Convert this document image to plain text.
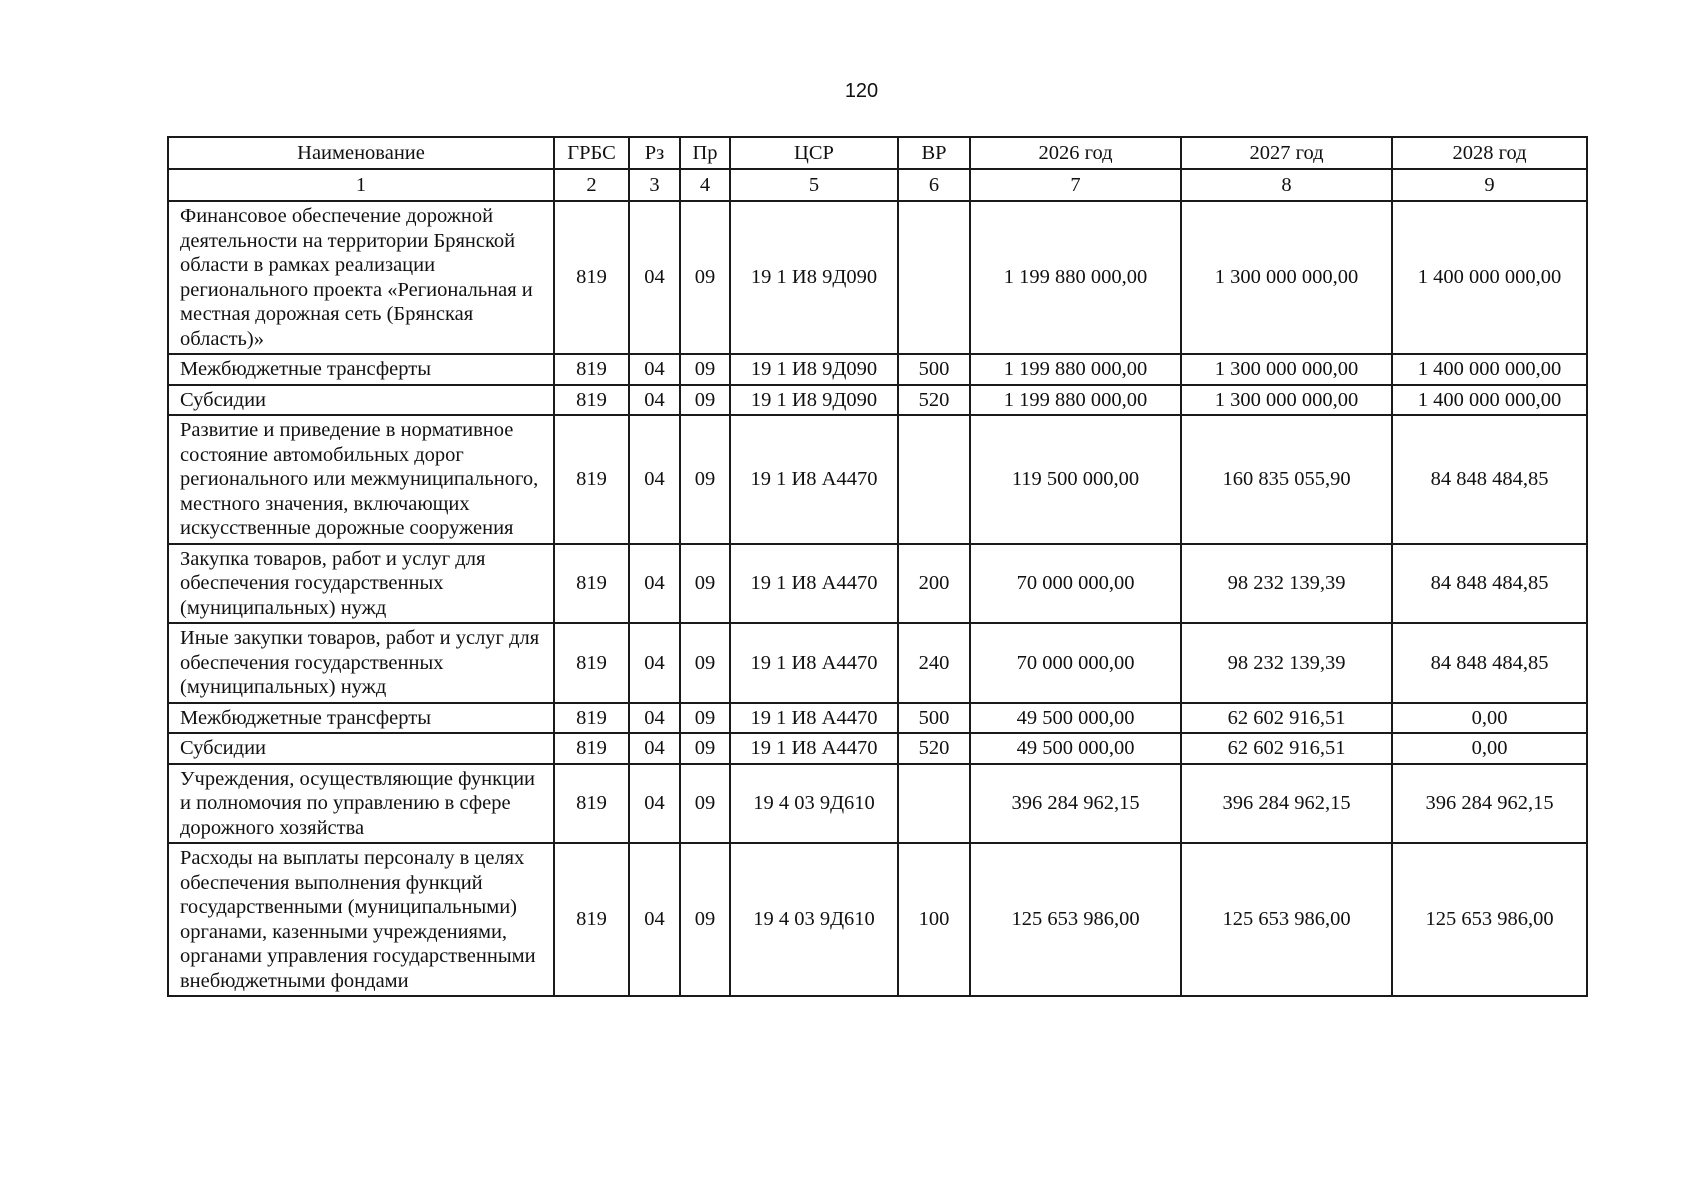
120
Наименование	ГРБС	Рз	Пр	ЦСР	ВР	2026 год	2027 год	2028 год
1	2	3	4	5	6	7	8	9
Финансовое обеспечение дорожной деятельности на территории Брянской области в рамках реализации регионального проекта «Региональная и местная дорожная сеть (Брянская область)»	819	04	09	19 1 И8 9Д090		1 199 880 000,00	1 300 000 000,00	1 400 000 000,00
Межбюджетные трансферты	819	04	09	19 1 И8 9Д090	500	1 199 880 000,00	1 300 000 000,00	1 400 000 000,00
Субсидии	819	04	09	19 1 И8 9Д090	520	1 199 880 000,00	1 300 000 000,00	1 400 000 000,00
Развитие и приведение в нормативное состояние автомобильных дорог регионального или межмуниципального, местного значения, включающих искусственные дорожные сооружения	819	04	09	19 1 И8 А4470		119 500 000,00	160 835 055,90	84 848 484,85
Закупка товаров, работ и услуг для обеспечения государственных (муниципальных) нужд	819	04	09	19 1 И8 А4470	200	70 000 000,00	98 232 139,39	84 848 484,85
Иные закупки товаров, работ и услуг для обеспечения государственных (муниципальных) нужд	819	04	09	19 1 И8 А4470	240	70 000 000,00	98 232 139,39	84 848 484,85
Межбюджетные трансферты	819	04	09	19 1 И8 А4470	500	49 500 000,00	62 602 916,51	0,00
Субсидии	819	04	09	19 1 И8 А4470	520	49 500 000,00	62 602 916,51	0,00
Учреждения, осуществляющие функции и полномочия по управлению в сфере дорожного хозяйства	819	04	09	19 4 03 9Д610		396 284 962,15	396 284 962,15	396 284 962,15
Расходы на выплаты персоналу в целях обеспечения выполнения функций государственными (муниципальными) органами, казенными учреждениями, органами управления государственными внебюджетными фондами	819	04	09	19 4 03 9Д610	100	125 653 986,00	125 653 986,00	125 653 986,00
